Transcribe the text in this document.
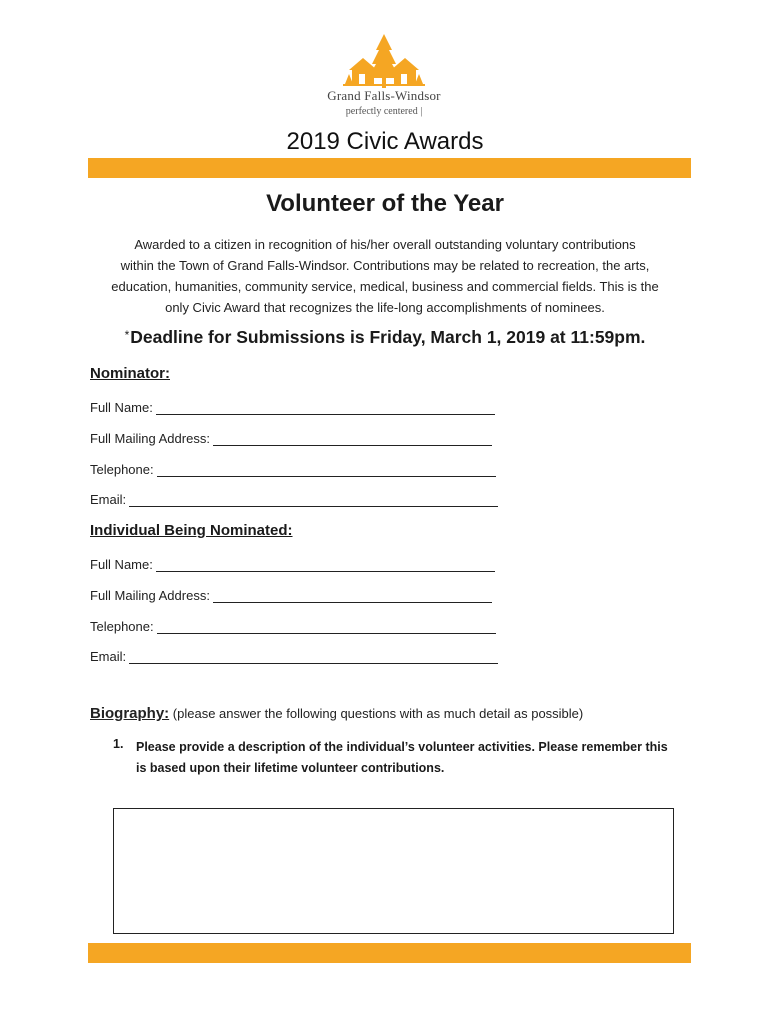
Grand Falls-Windsor
perfectly centered |
2019 Civic Awards
Volunteer of the Year
Awarded to a citizen in recognition of his/her overall outstanding voluntary contributions
within the Town of Grand Falls-Windsor. Contributions may be related to recreation, the arts,
education, humanities, community service, medical, business and commercial fields. This is the
only Civic Award that recognizes the life-long accomplishments of nominees.
*Deadline for Submissions is Friday, March 1, 2019 at 11:59pm.
Nominator:
Full Name:
Full Mailing Address:
Telephone:
Email:
Individual Being Nominated:
Full Name:
Full Mailing Address:
Telephone:
Email:
Biography: (please answer the following questions with as much detail as possible)
1. Please provide a description of the individual’s volunteer activities. Please remember this is based upon their lifetime volunteer contributions.
